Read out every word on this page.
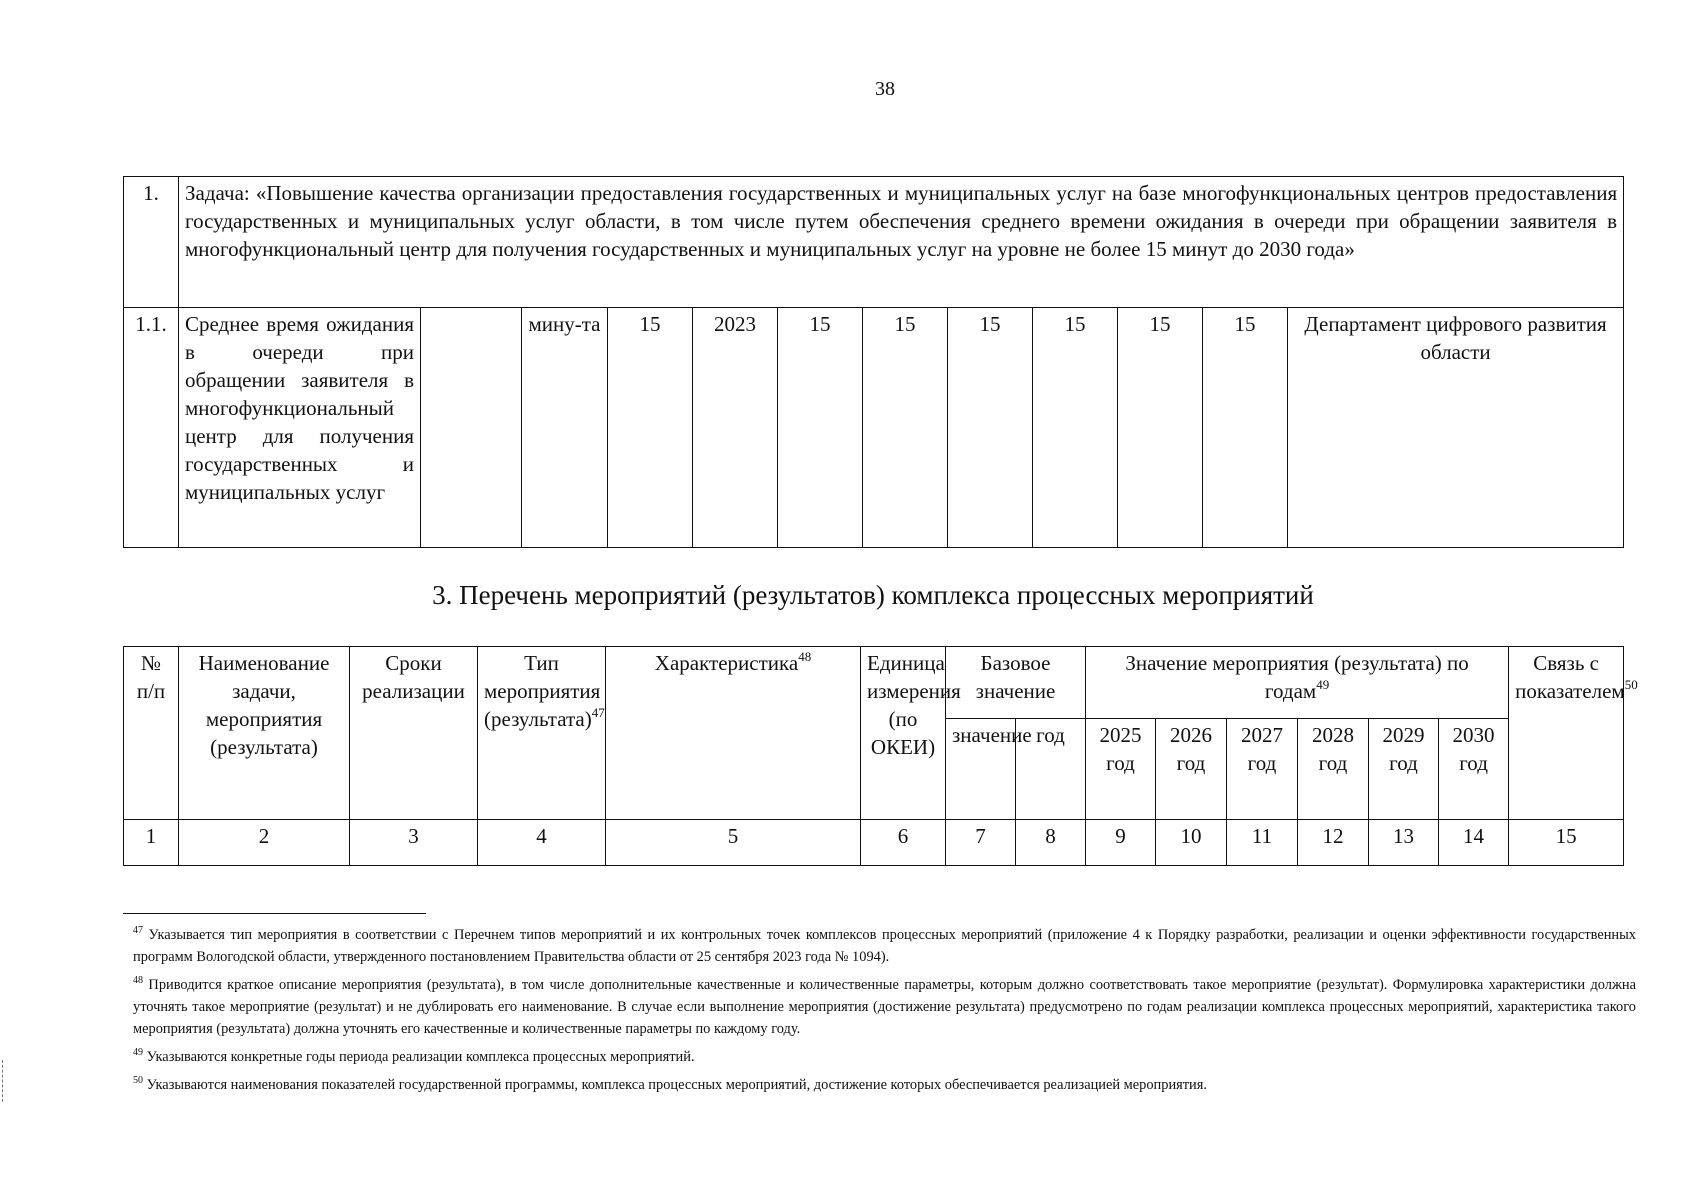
38
1.	Задача: «Повышение качества организации предоставления государственных и муниципальных услуг на базе многофункциональных центров предоставления государственных и муниципальных услуг области, в том числе путем обеспечения среднего времени ожидания в очереди при обращении заявителя в многофункциональный центр для получения государственных и муниципальных услуг на уровне не более 15 минут до 2030 года»											
1.1.	Среднее время ожидания в очереди при обращении заявителя в многофункциональный центр для получения государственных и муниципальных услуг		мину-та	15	2023	15	15	15	15	15	15	Департамент цифрового развития области
3. Перечень мероприятий (результатов) комплекса процессных мероприятий
№ п/п	Наименование задачи, мероприятия (результата)	Сроки реализации	Тип мероприятия (результата)$^{47}$	Характеристика$^{48}$	Единица измерения (по ОКЕИ)	Базовое значение		Значение мероприятия (результата) по годам$^{49}$						Связь с показателем$^{50}$
						значение	год	2025 год	2026 год	2027 год	2028 год	2029 год	2030 год	
1	2	3	4	5	6	7	8	9	10	11	12	13	14	15

$^{47}$ Указывается тип мероприятия в соответствии с Перечнем типов мероприятий и их контрольных точек комплексов процессных мероприятий (приложение 4 к Порядку разработки, реализации и оценки эффективности государственных программ Вологодской области, утвержденного постановлением Правительства области от 25 сентября 2023 года № 1094).

$^{48}$ Приводится краткое описание мероприятия (результата), в том числе дополнительные качественные и количественные параметры, которым должно соответствовать такое мероприятие (результат). Формулировка характеристики должна уточнять такое мероприятие (результат) и не дублировать его наименование. В случае если выполнение мероприятия (достижение результата) предусмотрено по годам реализации комплекса процессных мероприятий, характеристика такого мероприятия (результата) должна уточнять его качественные и количественные параметры по каждому году.

$^{49}$ Указываются конкретные годы периода реализации комплекса процессных мероприятий.

$^{50}$ Указываются наименования показателей государственной программы, комплекса процессных мероприятий, достижение которых обеспечивается реализацией мероприятия.
